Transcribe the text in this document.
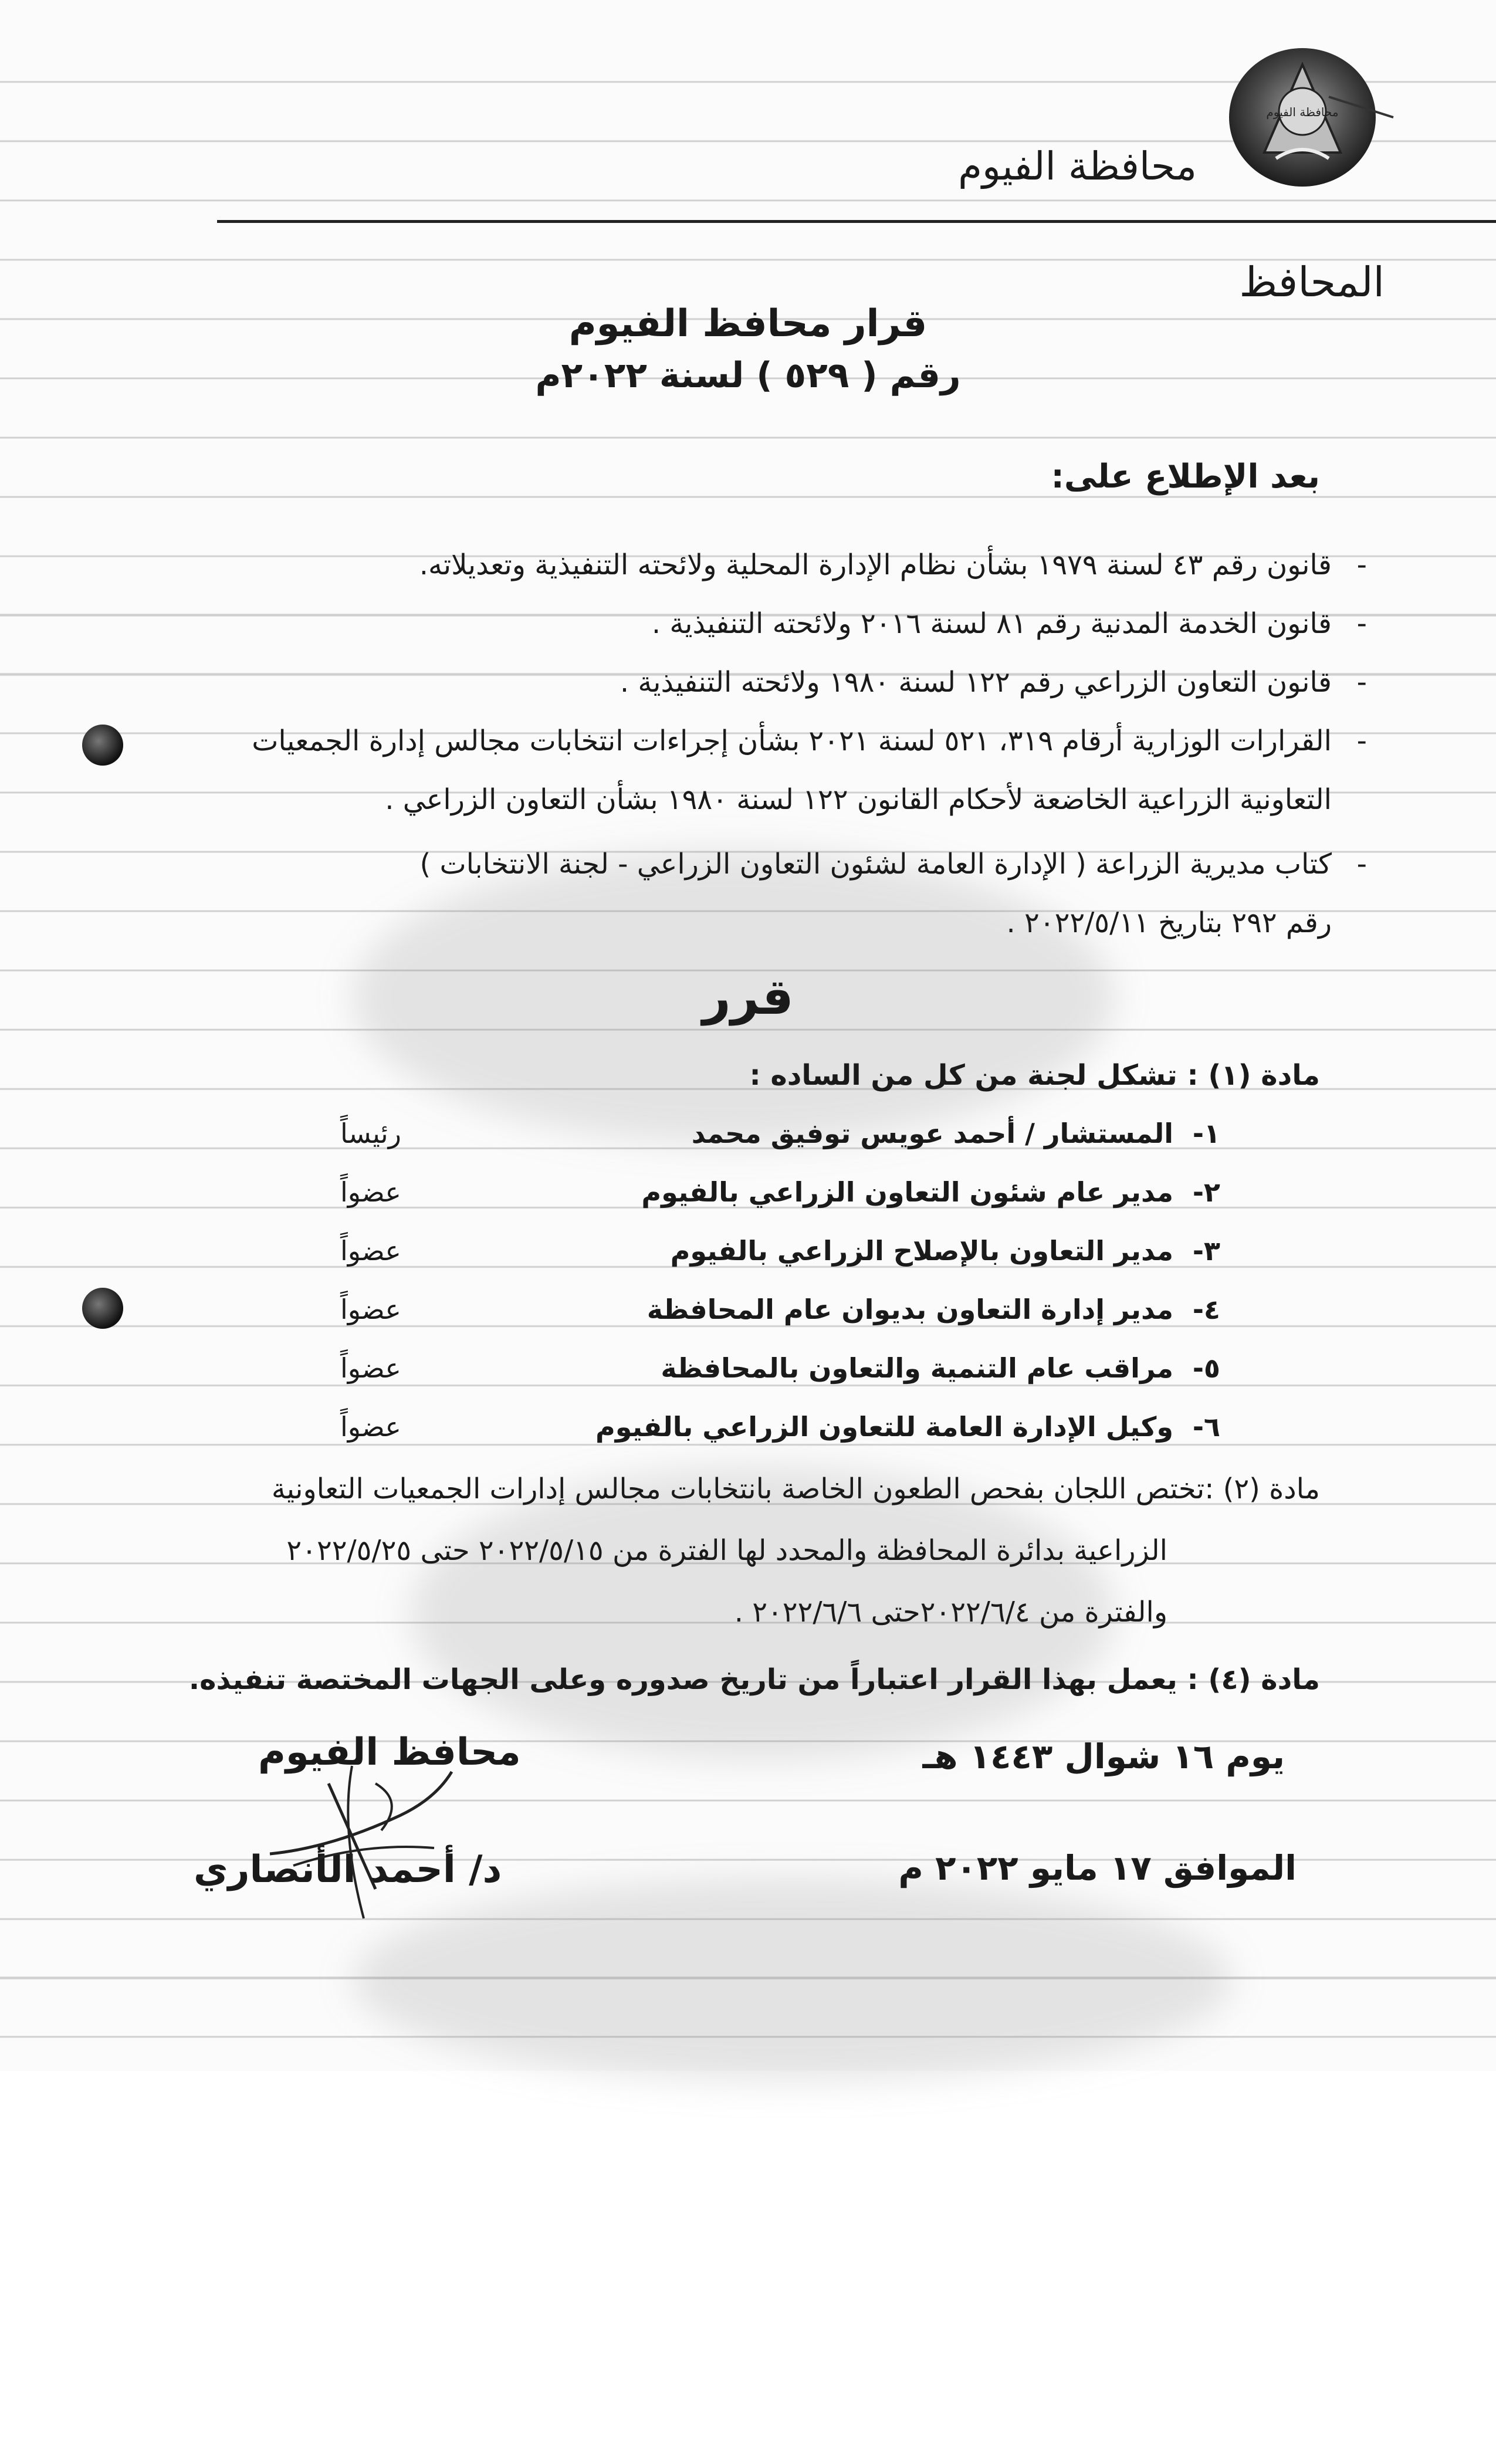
محافظة الفيوم
محافظة الفيوم
المحافظ
قرار محافظ الفيوم
رقم ( ٥٢٩ ) لسنة ٢٠٢٢م
بعد الإطلاع على:
-
قانون رقم ٤٣ لسنة ١٩٧٩ بشأن نظام الإدارة المحلية ولائحته التنفيذية وتعديلاته.
-
قانون الخدمة المدنية رقم ٨١ لسنة ٢٠١٦ ولائحته التنفيذية .
-
قانون التعاون الزراعي رقم ١٢٢ لسنة ١٩٨٠ ولائحته التنفيذية .
-
القرارات الوزارية أرقام ٣١٩، ٥٢١ لسنة ٢٠٢١ بشأن إجراءات انتخابات مجالس إدارة الجمعيات
التعاونية الزراعية الخاضعة لأحكام القانون ١٢٢ لسنة ١٩٨٠ بشأن التعاون الزراعي .
-
كتاب مديرية الزراعة ( الإدارة العامة لشئون التعاون الزراعي - لجنة الانتخابات )
رقم ٢٩٢ بتاريخ ٢٠٢٢/٥/١١ .
قرر
مادة (١) : تشكل لجنة من كل من الساده :
١-المستشار / أحمد عويس توفيق محمد
رئيساً
٢-مدير عام شئون التعاون الزراعي بالفيوم
عضواً
٣-مدير التعاون بالإصلاح الزراعي بالفيوم
عضواً
٤-مدير إدارة التعاون بديوان عام المحافظة
عضواً
٥-مراقب عام التنمية والتعاون بالمحافظة
عضواً
٦-وكيل الإدارة العامة للتعاون الزراعي بالفيوم
عضواً
مادة (٢) :تختص اللجان بفحص الطعون الخاصة بانتخابات مجالس إدارات الجمعيات التعاونية
الزراعية بدائرة المحافظة والمحدد لها الفترة من ٢٠٢٢/٥/١٥ حتى ٢٠٢٢/٥/٢٥
والفترة من ٢٠٢٢/٦/٤حتى ٢٠٢٢/٦/٦ .
مادة (٤) : يعمل بهذا القرار اعتباراً من تاريخ صدوره وعلى الجهات المختصة تنفيذه.
يوم ١٦ شوال ١٤٤٣ هـ
الموافق ١٧ مايو ٢٠٢٢ م
محافظ الفيوم
د/ أحمد الأنصاري
